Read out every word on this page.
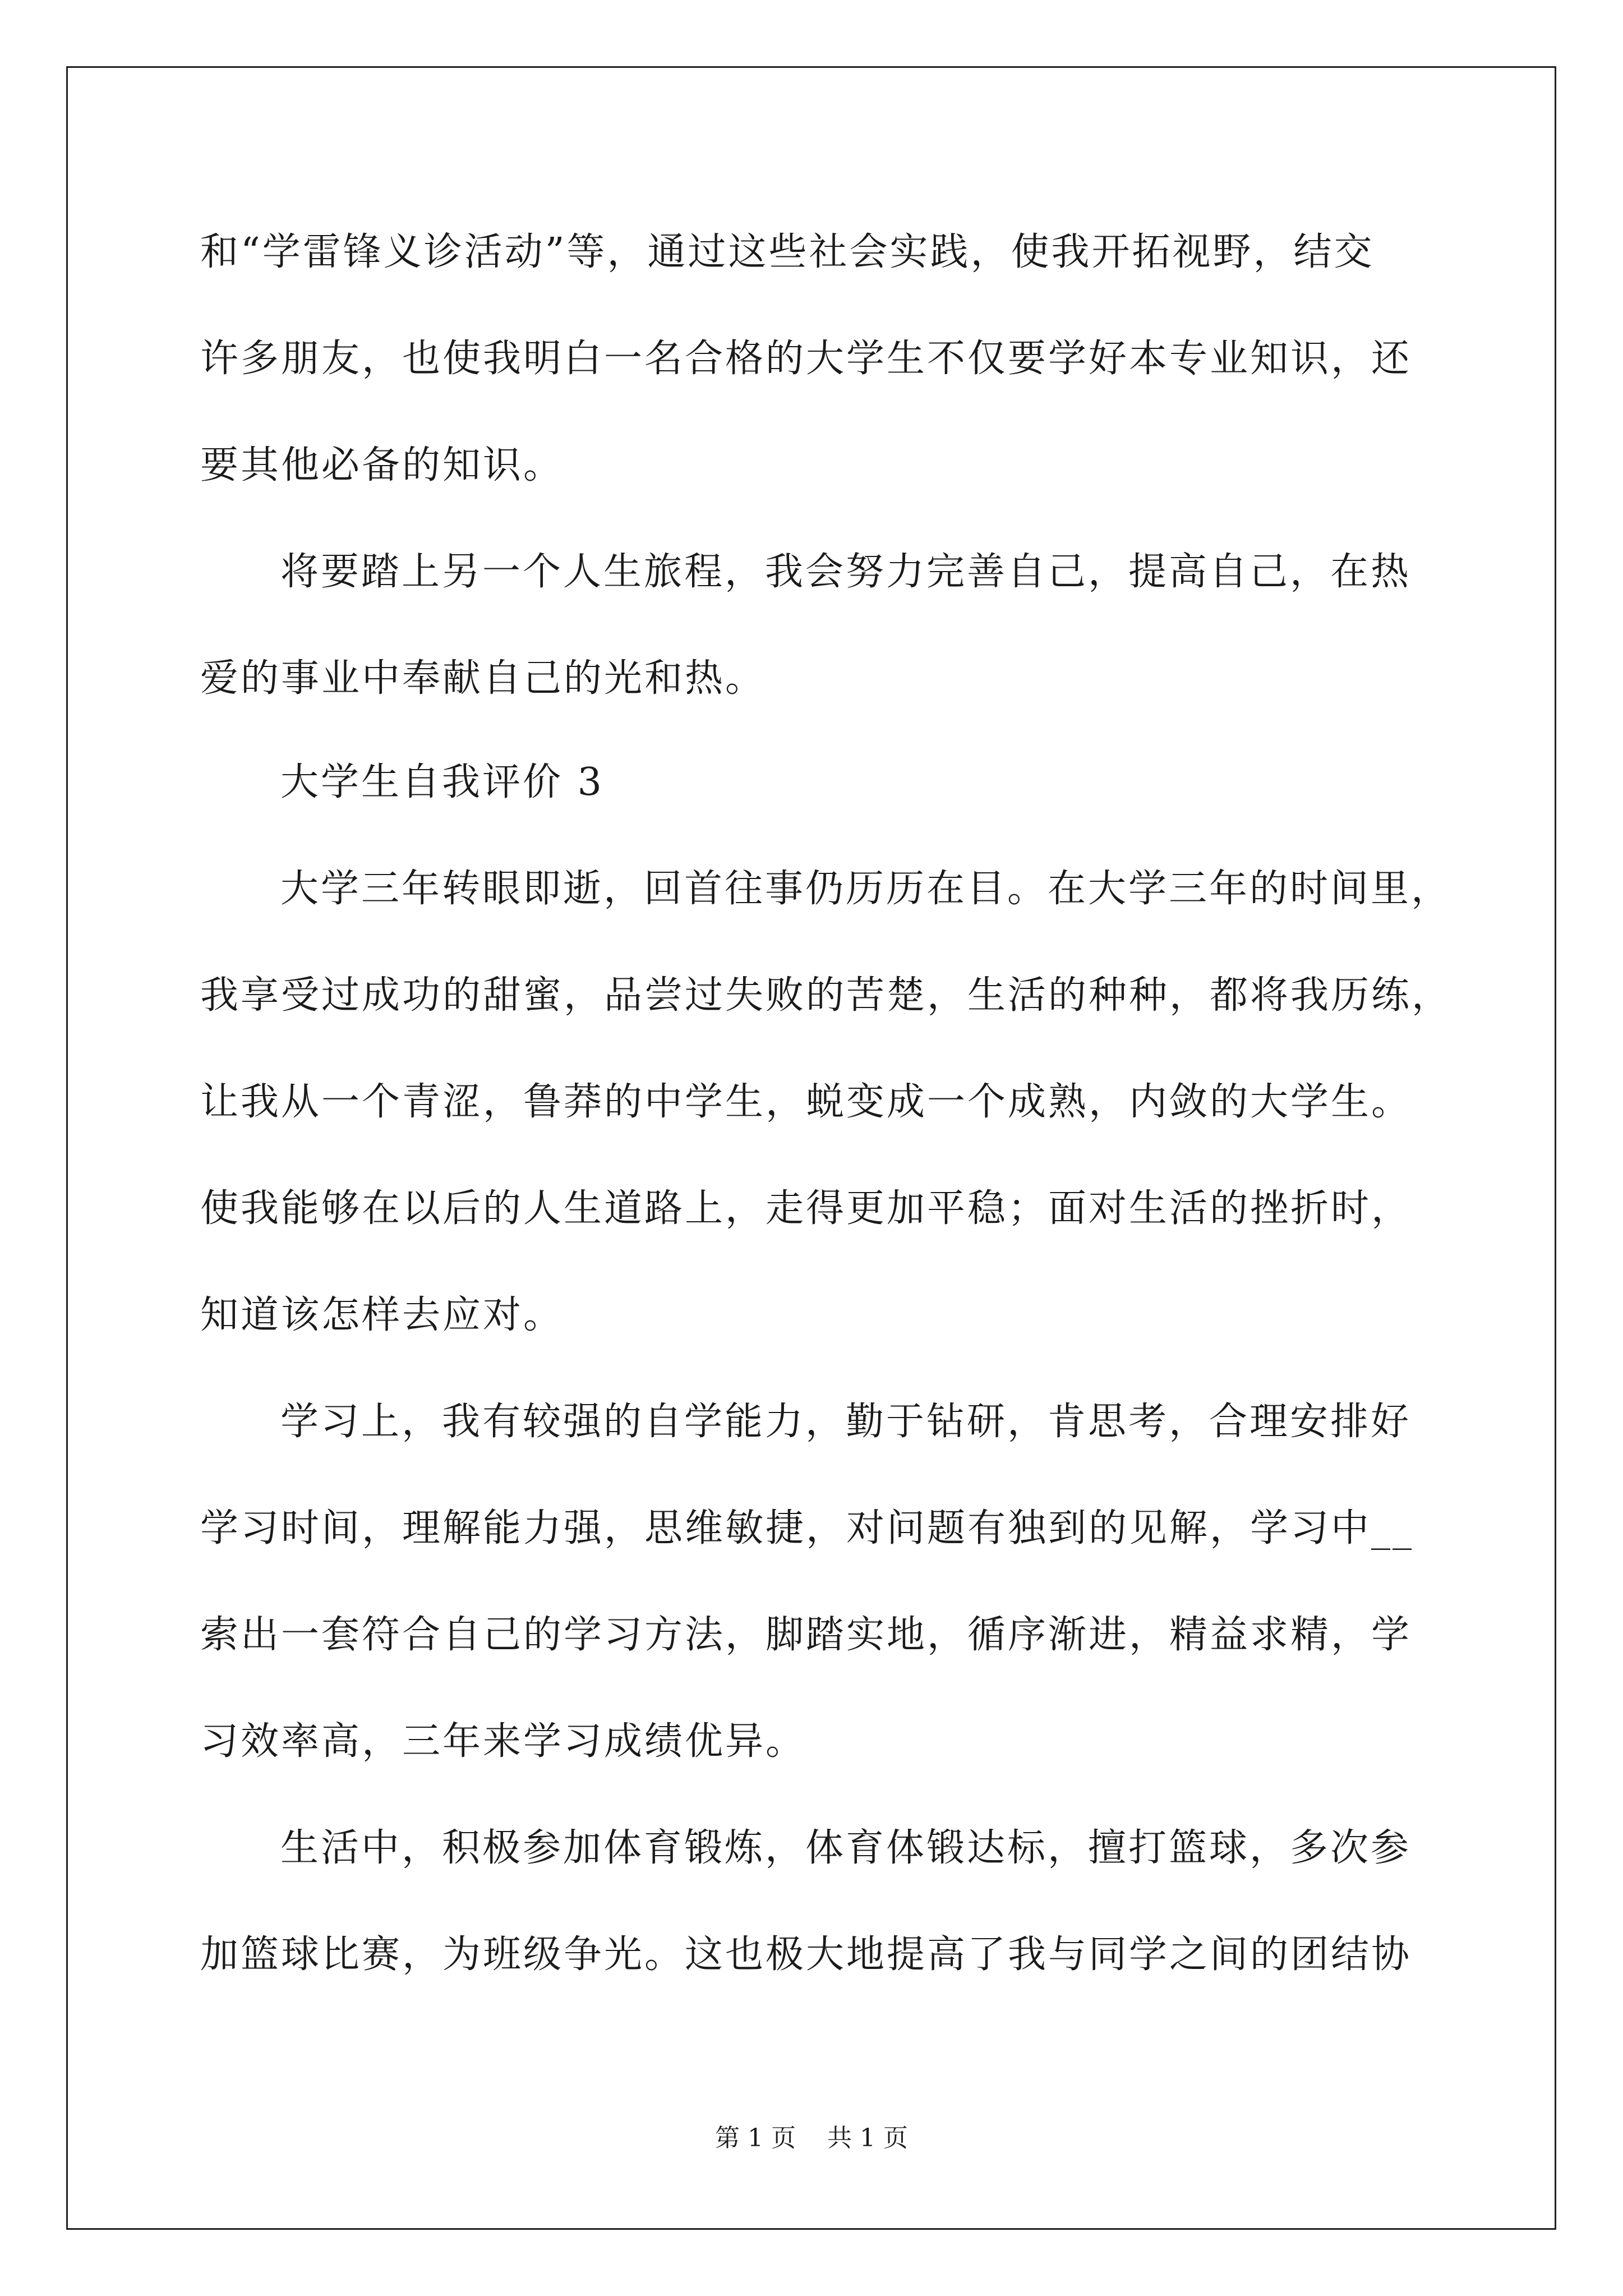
和“学雷锋义诊活动”等，通过这些社会实践，使我开拓视野，结交
许多朋友，也使我明白一名合格的大学生不仅要学好本专业知识，还
要其他必备的知识。
将要踏上另一个人生旅程，我会努力完善自己，提高自己，在热
爱的事业中奉献自己的光和热。
大学生自我评价 3
大学三年转眼即逝，回首往事仍历历在目。在大学三年的时间里，
我享受过成功的甜蜜，品尝过失败的苦楚，生活的种种，都将我历练，
让我从一个青涩，鲁莽的中学生，蜕变成一个成熟，内敛的大学生。
使我能够在以后的人生道路上，走得更加平稳；面对生活的挫折时，
知道该怎样去应对。
学习上，我有较强的自学能力，勤于钻研，肯思考，合理安排好
学习时间，理解能力强，思维敏捷，对问题有独到的见解，学习中__
索出一套符合自己的学习方法，脚踏实地，循序渐进，精益求精，学
习效率高，三年来学习成绩优异。
生活中，积极参加体育锻炼，体育体锻达标，擅打篮球，多次参
加篮球比赛，为班级争光。这也极大地提高了我与同学之间的团结协
第 1 页    共 1 页
